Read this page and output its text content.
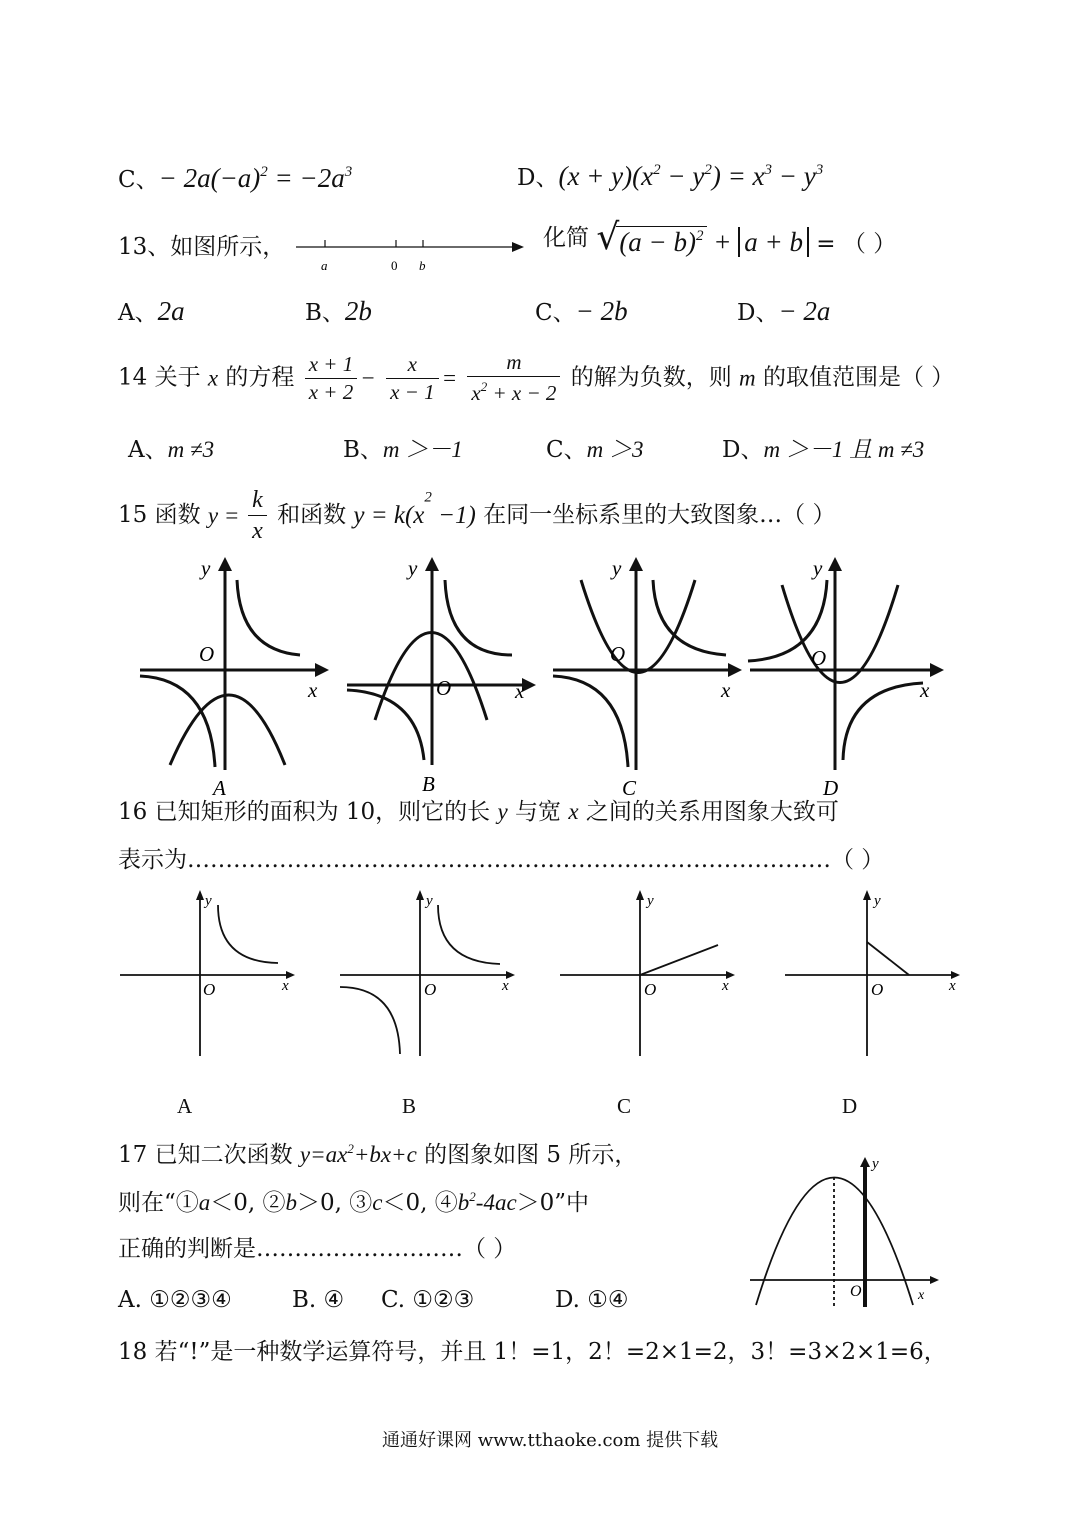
C、− $2a(-a)^2 = -2a^3$	D、$(x + y)(x^2 - y^2) = x^3 - y^3$
13、如图所示，
a	0 b
化简 √ $(a - b)^2 + a + b$ = （ ）
A、2a	B、2b	C、− 2b	D、− 2a
14 关于 x 的方程 $\frac{x + 1}{x + 2} - \frac{x}{x - 1} = \frac{m}{x^2 + x - 2}$ 的解为负数，则 m 的取值范围是（ ）
A、m ≠3	B、m ＞－1	C、m ＞3	D、m ＞－1 且 m ≠3
15 函数 $y = \frac{k}{x}$ 和函数 $y = k(x^2 -1)$ 在同一坐标系里的大致图象…（ ）
y
O
x
A
y
O	x
B
y
O
x
C
y
O
x
D
16 已知矩形的面积为 10，则它的长 y 与宽 x 之间的关系用图象大致可
表示为…………………………………………………………………………（ ）
y
O	x
y
O	x
y
O	x
y
O	x
A	B	C	D
17 已知二次函数 $y=ax^2+bx+c$ 的图象如图 5 所示，
则在“①a＜0, ②b＞0, ③c＜0, $④b^2-4ac>0$”中
正确的判断是………………………（ ）
A. ①②③④	B. ④ C. ①②③	D. ①④
y
O	x
18 若“!”是一种数学运算符号，并且 1！=1，2！=2×1=2，3！=3×2×1=6，
通通好课网 www.tthaoke.com 提供下载
